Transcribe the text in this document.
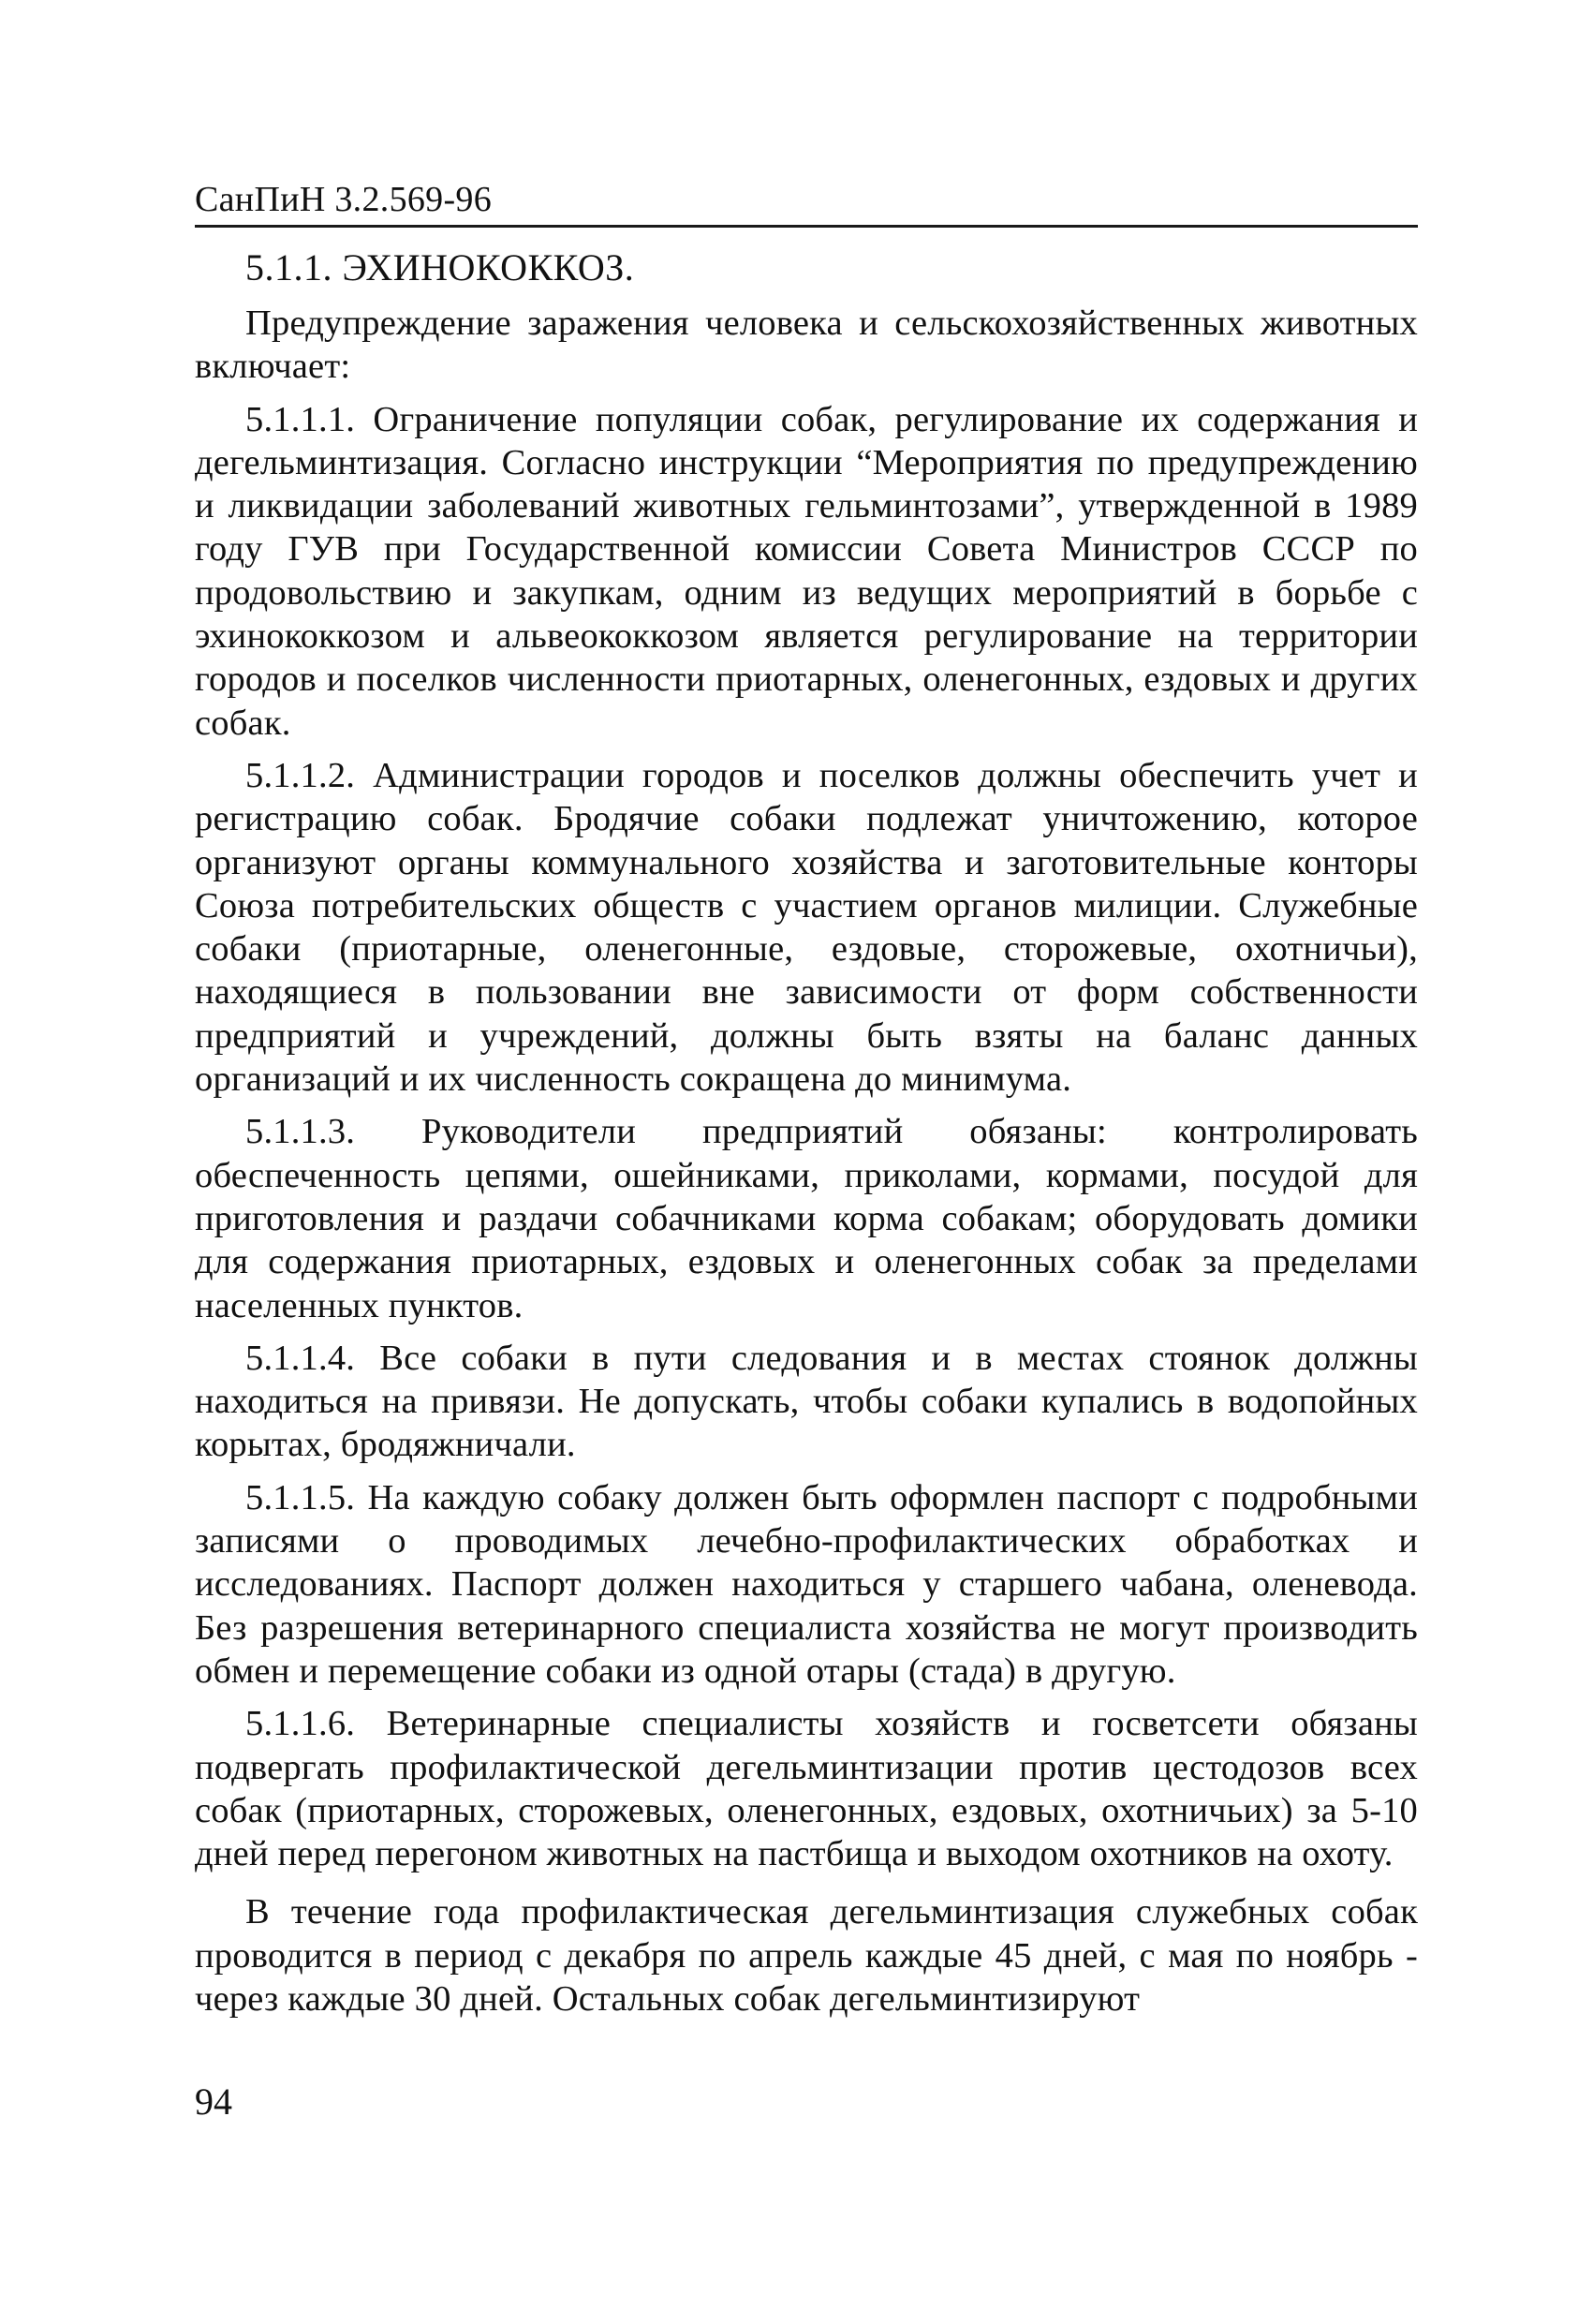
СанПиН 3.2.569-96
5.1.1. ЭХИНОКОККОЗ.

Предупреждение заражения человека и сельскохозяйственных животных включает:

5.1.1.1. Ограничение популяции собак, регулирование их содержания и дегельминтизация. Согласно инструкции “Мероприятия по предупреждению и ликвидации заболеваний животных гельминтозами”, утвержденной в 1989 году ГУВ при Государственной комиссии Совета Министров СССР по продовольствию и закупкам, одним из ведущих мероприятий в борьбе с эхинококкозом и альвеококкозом является регулирование на территории городов и поселков численности приотарных, оленегонных, ездовых и других собак.

5.1.1.2. Администрации городов и поселков должны обеспечить учет и регистрацию собак. Бродячие собаки подлежат уничтожению, которое организуют органы коммунального хозяйства и заготовительные конторы Союза потребительских обществ с участием органов милиции. Служебные собаки (приотарные, оленегонные, ездовые, сторожевые, охотничьи), находящиеся в пользовании вне зависимости от форм собственности предприятий и учреждений, должны быть взяты на баланс данных организаций и их численность сокращена до минимума.

5.1.1.3. Руководители предприятий обязаны: контролировать обеспеченность цепями, ошейниками, приколами, кормами, посудой для приготовления и раздачи собачниками корма собакам; оборудовать домики для содержания приотарных, ездовых и оленегонных собак за пределами населенных пунктов.

5.1.1.4. Все собаки в пути следования и в местах стоянок должны находиться на привязи. Не допускать, чтобы собаки купались в водопойных корытах, бродяжничали.

5.1.1.5. На каждую собаку должен быть оформлен паспорт с подробными записями о проводимых лечебно-профилактических обработках и исследованиях. Паспорт должен находиться у старшего чабана, оленевода. Без разрешения ветеринарного специалиста хозяйства не могут производить обмен и перемещение собаки из одной отары (стада) в другую.

5.1.1.6. Ветеринарные специалисты хозяйств и госветсети обязаны подвергать профилактической дегельминтизации против цестодозов всех собак (приотарных, сторожевых, оленегонных, ездовых, охотничьих) за 5-10 дней перед перегоном животных на пастбища и выходом охотников на охоту.

В течение года профилактическая дегельминтизация служебных собак проводится в период с декабря по апрель каждые 45 дней, с мая по ноябрь - через каждые 30 дней. Остальных собак дегельминтизируют

94
